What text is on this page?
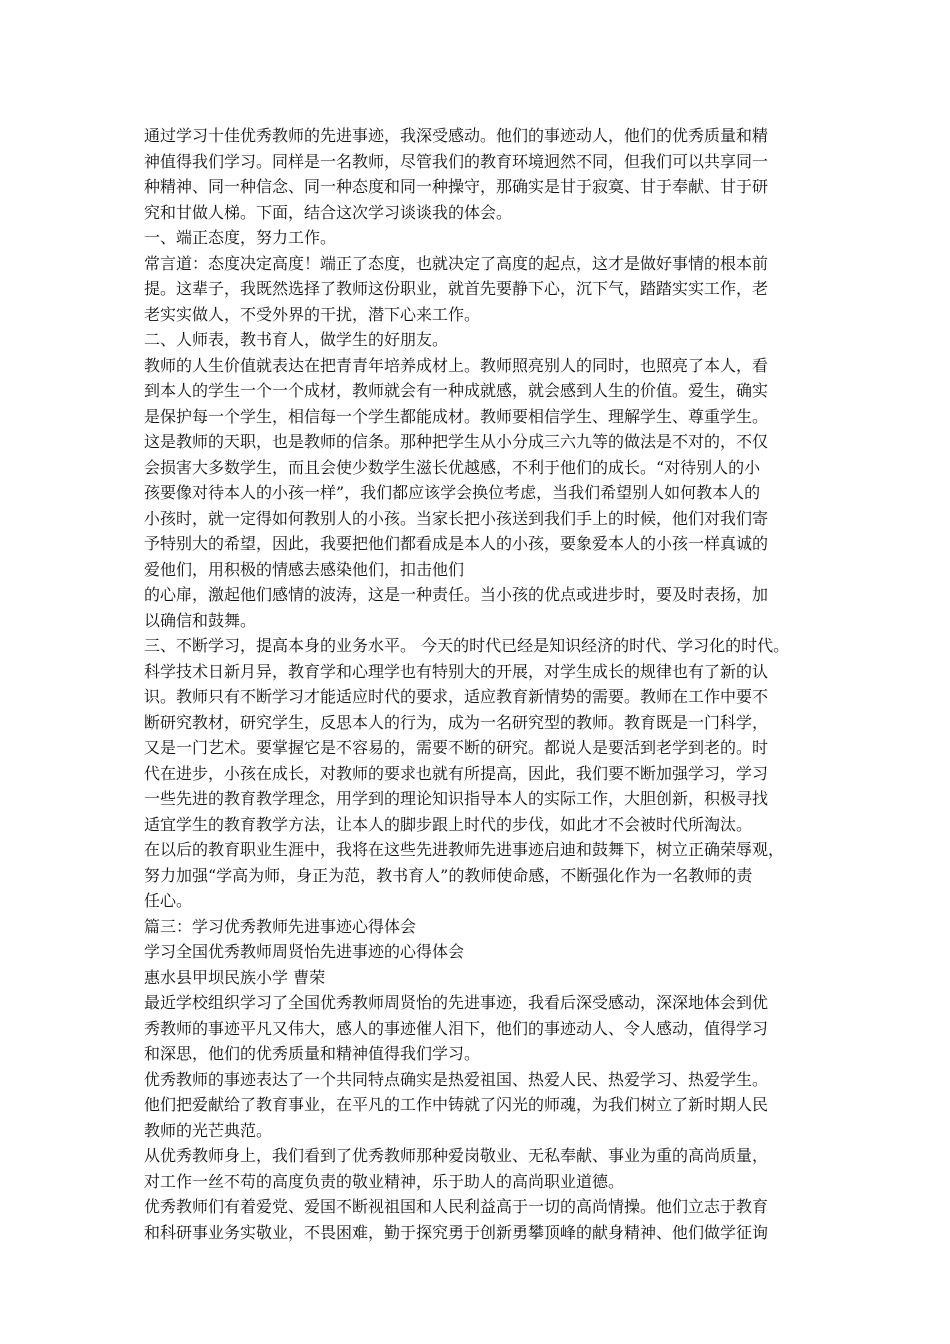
通过学习十佳优秀教师的先进事迹，我深受感动。他们的事迹动人，他们的优秀质量和精
神值得我们学习。同样是一名教师，尽管我们的教育环境迥然不同，但我们可以共享同一
种精神、同一种信念、同一种态度和同一种操守，那确实是甘于寂寞、甘于奉献、甘于研
究和甘做人梯。下面，结合这次学习谈谈我的体会。
一、端正态度，努力工作。
常言道：态度决定高度！端正了态度，也就决定了高度的起点，这才是做好事情的根本前
提。这辈子，我既然选择了教师这份职业，就首先要静下心，沉下气，踏踏实实工作，老
老实实做人，不受外界的干扰，潜下心来工作。
二、人师表，教书育人，做学生的好朋友。
教师的人生价值就表达在把青青年培养成材上。教师照亮别人的同时，也照亮了本人，看
到本人的学生一个一个成材，教师就会有一种成就感，就会感到人生的价值。爱生，确实
是保护每一个学生，相信每一个学生都能成材。教师要相信学生、理解学生、尊重学生。
这是教师的天职，也是教师的信条。那种把学生从小分成三六九等的做法是不对的，不仅
会损害大多数学生，而且会使少数学生滋长优越感，不利于他们的成长。“对待别人的小
孩要像对待本人的小孩一样”，我们都应该学会换位考虑，当我们希望别人如何教本人的
小孩时，就一定得如何教别人的小孩。当家长把小孩送到我们手上的时候，他们对我们寄
予特别大的希望，因此，我要把他们都看成是本人的小孩，要象爱本人的小孩一样真诚的
爱他们，用积极的情感去感染他们，扣击他们
的心扉，激起他们感情的波涛，这是一种责任。当小孩的优点或进步时，要及时表扬，加
以确信和鼓舞。
三、不断学习，提高本身的业务水平。 今天的时代已经是知识经济的时代、学习化的时代。
科学技术日新月异，教育学和心理学也有特别大的开展，对学生成长的规律也有了新的认
识。教师只有不断学习才能适应时代的要求，适应教育新情势的需要。教师在工作中要不
断研究教材，研究学生，反思本人的行为，成为一名研究型的教师。教育既是一门科学，
又是一门艺术。要掌握它是不容易的，需要不断的研究。都说人是要活到老学到老的。时
代在进步，小孩在成长，对教师的要求也就有所提高，因此，我们要不断加强学习，学习
一些先进的教育教学理念，用学到的理论知识指导本人的实际工作，大胆创新，积极寻找
适宜学生的教育教学方法，让本人的脚步跟上时代的步伐，如此才不会被时代所淘汰。
在以后的教育职业生涯中，我将在这些先进教师先进事迹启迪和鼓舞下，树立正确荣辱观，
努力加强“学高为师，身正为范，教书育人”的教师使命感，不断强化作为一名教师的责
任心。
篇三：学习优秀教师先进事迹心得体会
学习全国优秀教师周贤怡先进事迹的心得体会
惠水县甲坝民族小学 曹荣
最近学校组织学习了全国优秀教师周贤怡的先进事迹，我看后深受感动，深深地体会到优
秀教师的事迹平凡又伟大，感人的事迹催人泪下，他们的事迹动人、令人感动，值得学习
和深思，他们的优秀质量和精神值得我们学习。
优秀教师的事迹表达了一个共同特点确实是热爱祖国、热爱人民、热爱学习、热爱学生。
他们把爱献给了教育事业，在平凡的工作中铸就了闪光的师魂，为我们树立了新时期人民
教师的光芒典范。
从优秀教师身上，我们看到了优秀教师那种爱岗敬业、无私奉献、事业为重的高尚质量，
对工作一丝不苟的高度负责的敬业精神，乐于助人的高尚职业道德。
优秀教师们有着爱党、爱国不断视祖国和人民利益高于一切的高尚情操。他们立志于教育
和科研事业务实敬业，不畏困难，勤于探究勇于创新勇攀顶峰的献身精神、他们做学征询
